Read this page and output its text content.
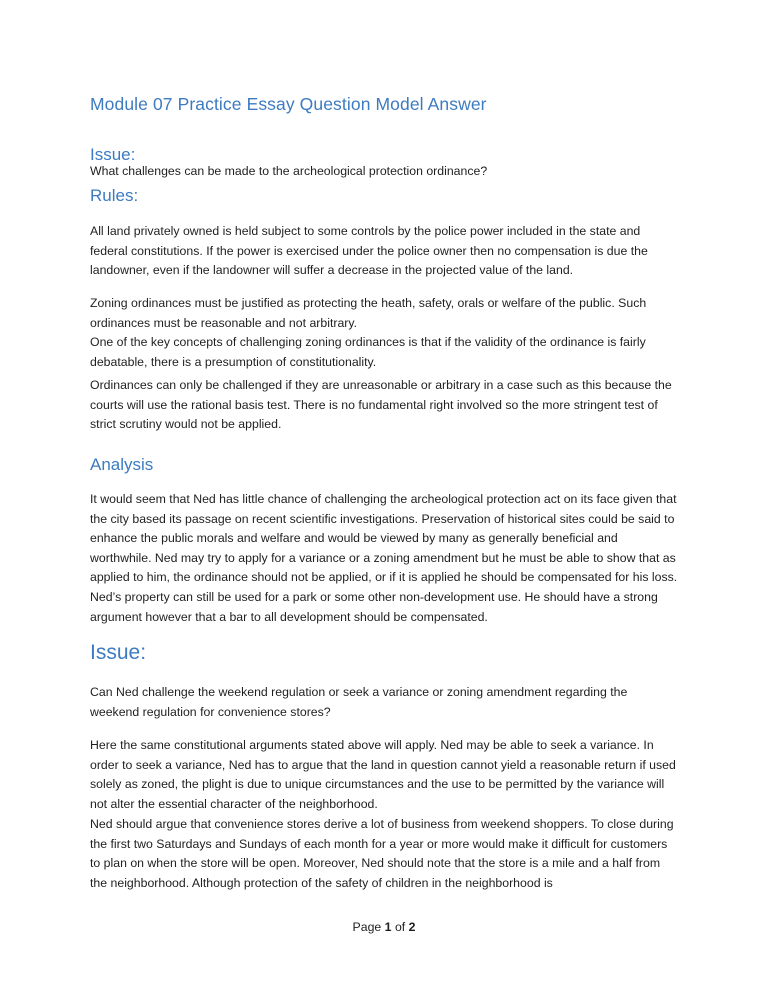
Module 07 Practice Essay Question Model Answer
Issue:
What challenges can be made to the archeological protection ordinance?
Rules:
All land privately owned is held subject to some controls by the police power included in the state and federal constitutions. If the power is exercised under the police owner then no compensation is due the landowner, even if the landowner will suffer a decrease in the projected value of the land.
Zoning ordinances must be justified as protecting the heath, safety, orals or welfare of the public. Such ordinances must be reasonable and not arbitrary.
One of the key concepts of challenging zoning ordinances is that if the validity of the ordinance is fairly debatable, there is a presumption of constitutionality.
Ordinances can only be challenged if they are unreasonable or arbitrary in a case such as this because the courts will use the rational basis test. There is no fundamental right involved so the more stringent test of strict scrutiny would not be applied.
Analysis
It would seem that Ned has little chance of challenging the archeological protection act on its face given that the city based its passage on recent scientific investigations. Preservation of historical sites could be said to enhance the public morals and welfare and would be viewed by many as generally beneficial and worthwhile. Ned may try to apply for a variance or a zoning amendment but he must be able to show that as applied to him, the ordinance should not be applied, or if it is applied he should be compensated for his loss. Ned’s property can still be used for a park or some other non-development use. He should have a strong argument however that a bar to all development should be compensated.
Issue:
Can Ned challenge the weekend regulation or seek a variance or zoning amendment regarding the weekend regulation for convenience stores?
Here the same constitutional arguments stated above will apply. Ned may be able to seek a variance. In order to seek a variance, Ned has to argue that the land in question cannot yield a reasonable return if used solely as zoned, the plight is due to unique circumstances and the use to be permitted by the variance will not alter the essential character of the neighborhood.
Ned should argue that convenience stores derive a lot of business from weekend shoppers. To close during the first two Saturdays and Sundays of each month for a year or more would make it difficult for customers to plan on when the store will be open. Moreover, Ned should note that the store is a mile and a half from the neighborhood. Although protection of the safety of children in the neighborhood is
Page 1 of 2
